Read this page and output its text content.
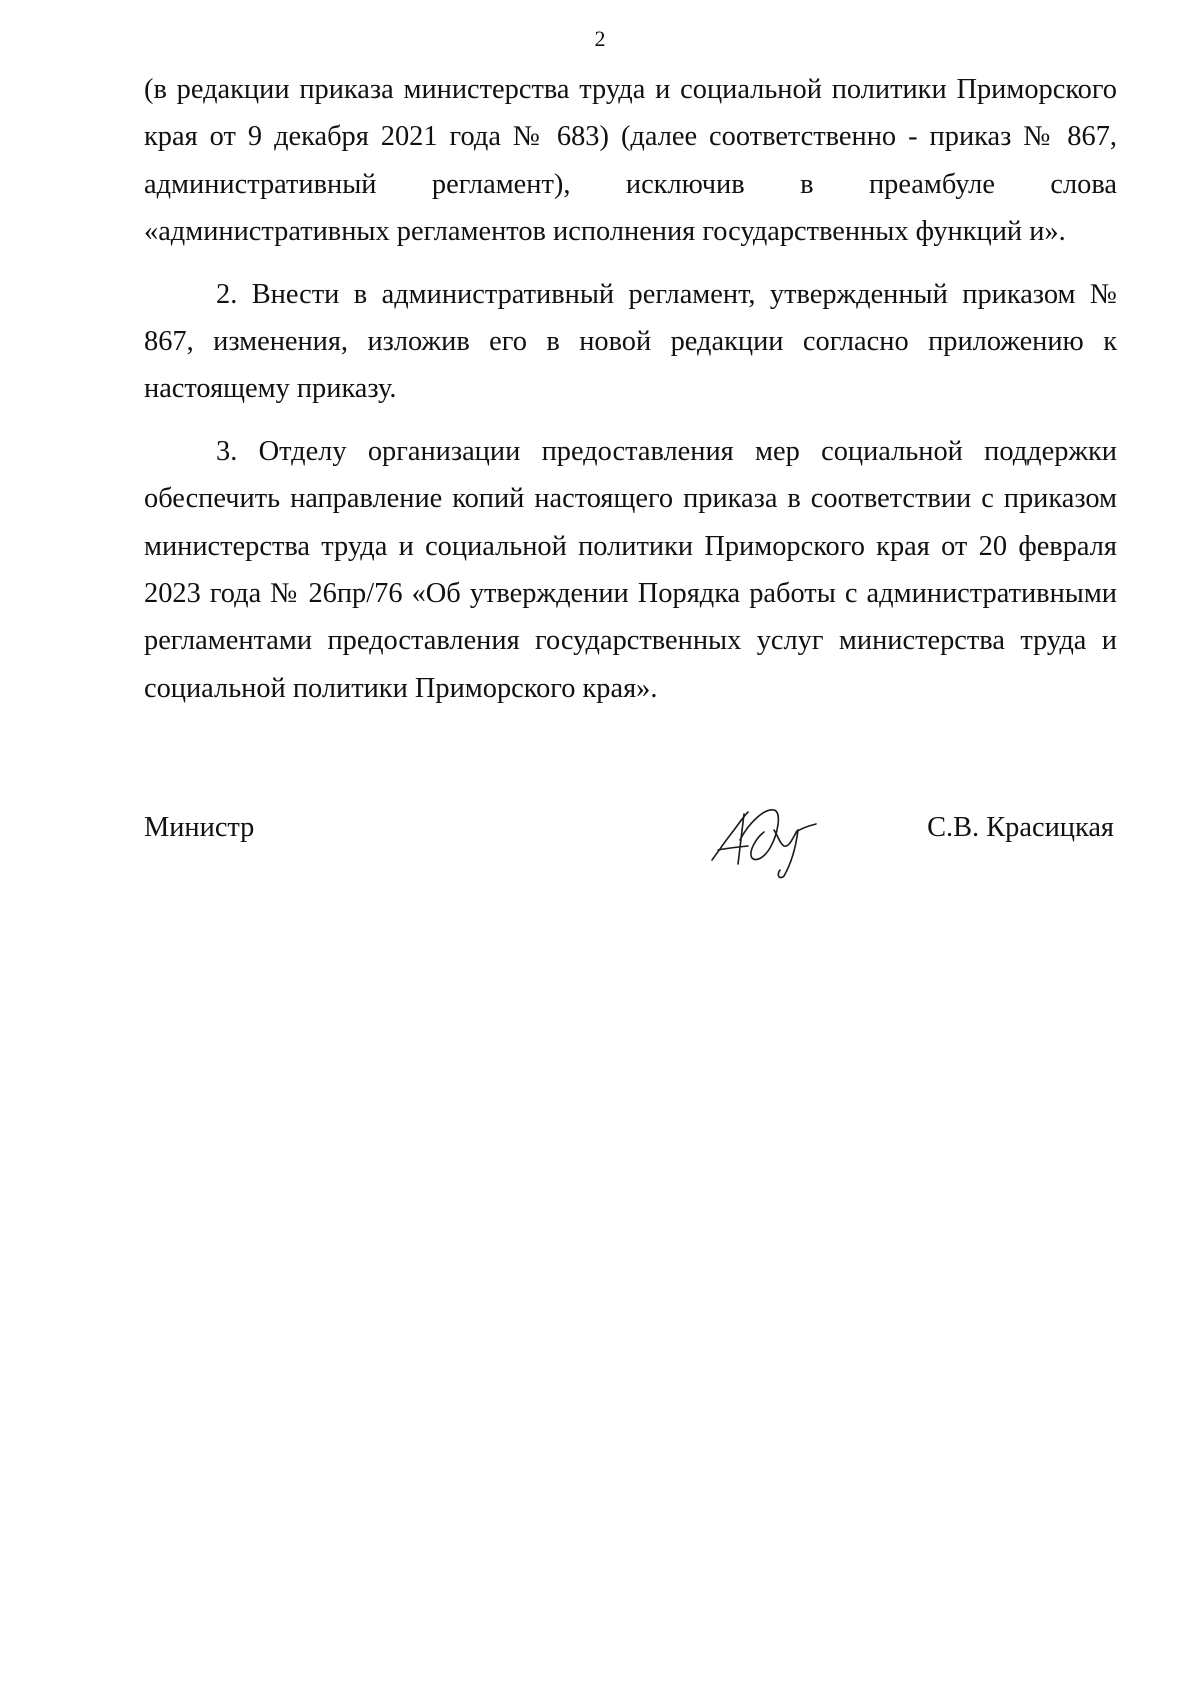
2

(в редакции приказа министерства труда и социальной политики Приморского края от 9 декабря 2021 года № 683) (далее соответственно - приказ № 867, административный регламент), исключив в преамбуле слова «административных регламентов исполнения государственных функций и».

2. Внести в административный регламент, утвержденный приказом № 867, изменения, изложив его в новой редакции согласно приложению к настоящему приказу.

3. Отделу организации предоставления мер социальной поддержки обеспечить направление копий настоящего приказа в соответствии с приказом министерства труда и социальной политики Приморского края от 20 февраля 2023 года № 26пр/76 «Об утверждении Порядка работы с административными регламентами предоставления государственных услуг министерства труда и социальной политики Приморского края».

Министр	С.В. Красицкая
